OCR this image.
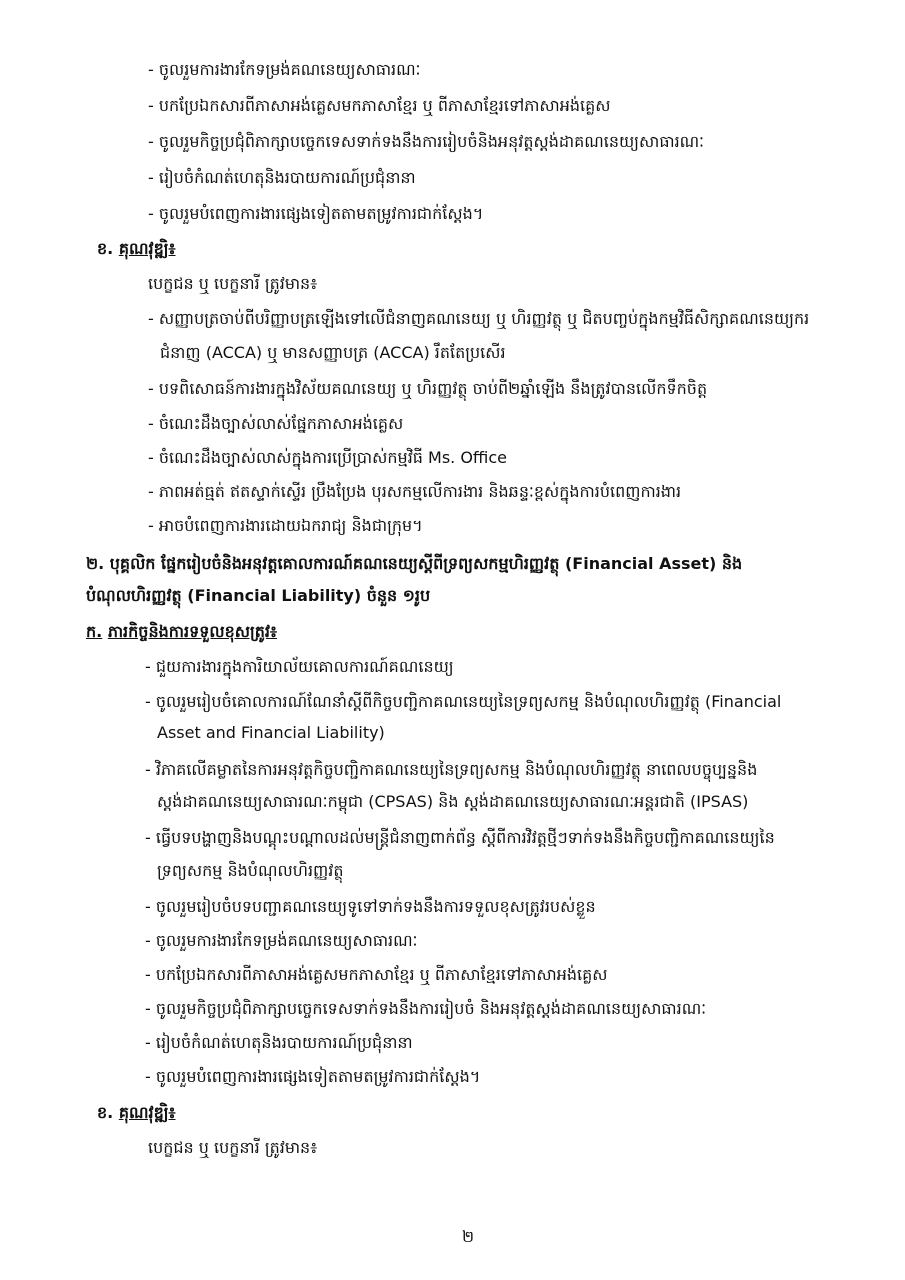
- ចូលរួមការងារកែទម្រង់គណនេយ្យសាធារណៈ
- បកប្រែឯកសារពីភាសាអង់គ្លេសមកភាសាខ្មែរ ឬ ពីភាសាខ្មែរទៅភាសាអង់គ្លេស
- ចូលរួមកិច្ចប្រជុំពិភាក្សាបច្ចេកទេសទាក់ទងនឹងការរៀបចំនិងអនុវត្តស្តង់ដាគណនេយ្យសាធារណៈ
- រៀបចំកំណត់ហេតុនិងរបាយការណ៍ប្រជុំនានា
- ចូលរួមបំពេញការងារផ្សេងទៀតតាមតម្រូវការជាក់ស្តែង។
ខ. គុណវុឌ្ឍិ៖
បេក្ខជន ឬ បេក្ខនារី ត្រូវមាន៖
- សញ្ញាបត្រចាប់ពីបរិញ្ញាបត្រឡើងទៅលើជំនាញគណនេយ្យ ឬ ហិរញ្ញវត្ថុ ឬ ជិតបញ្ចប់ក្នុងកម្មវិធីសិក្សាគណនេយ្យករ
ជំនាញ (ACCA) ឬ មានសញ្ញាបត្រ (ACCA) រឹតតែប្រសើរ
- បទពិសោធន៍ការងារក្នុងវិស័យគណនេយ្យ ឬ ហិរញ្ញវត្ថុ ចាប់ពី២ឆ្នាំឡើង នឹងត្រូវបានលើកទឹកចិត្ត
- ចំណេះដឹងច្បាស់លាស់ផ្នែកភាសាអង់គ្លេស
- ចំណេះដឹងច្បាស់លាស់ក្នុងការប្រើប្រាស់កម្មវិធី Ms. Office
- ភាពអត់ធ្មត់ ឥតស្ទាក់ស្ទើរ ប្រឹងប្រែង បុរសកម្មលើការងារ និងឆន្ទៈខ្ពស់ក្នុងការបំពេញការងារ
- អាចបំពេញការងារដោយឯករាជ្យ និងជាក្រុម។
២. បុគ្គលិក ផ្នែករៀបចំនិងអនុវត្តគោលការណ៍គណនេយ្យស្តីពីទ្រព្យសកម្មហិរញ្ញវត្ថុ (Financial Asset) និង
បំណុលហិរញ្ញវត្ថុ (Financial Liability) ចំនួន ១រូប
ក. ភារកិច្ចនិងការទទួលខុសត្រូវ៖
- ជួយការងារក្នុងការិយាល័យគោលការណ៍គណនេយ្យ
- ចូលរួមរៀបចំគោលការណ៍ណែនាំស្តីពីកិច្ចបញ្ជិកាគណនេយ្យនៃទ្រព្យសកម្ម និងបំណុលហិរញ្ញវត្ថុ (Financial
Asset and Financial Liability)
- វិភាគលើគម្លាតនៃការអនុវត្តកិច្ចបញ្ជិកាគណនេយ្យនៃទ្រព្យសកម្ម និងបំណុលហិរញ្ញវត្ថុ នាពេលបច្ចុប្បន្ននិង
ស្តង់ដាគណនេយ្យសាធារណៈកម្ពុជា (CPSAS) និង ស្តង់ដាគណនេយ្យសាធារណៈអន្តរជាតិ (IPSAS)
- ធ្វើបទបង្ហាញនិងបណ្តុះបណ្តាលដល់មន្ត្រីជំនាញពាក់ព័ន្ធ ស្តីពីការវិវត្តថ្មីៗទាក់ទងនឹងកិច្ចបញ្ជិកាគណនេយ្យនៃ
ទ្រព្យសកម្ម និងបំណុលហិរញ្ញវត្ថុ
- ចូលរួមរៀបចំបទបញ្ជាគណនេយ្យទូទៅទាក់ទងនឹងការទទួលខុសត្រូវរបស់ខ្លួន
- ចូលរួមការងារកែទម្រង់គណនេយ្យសាធារណៈ
- បកប្រែឯកសារពីភាសាអង់គ្លេសមកភាសាខ្មែរ ឬ ពីភាសាខ្មែរទៅភាសាអង់គ្លេស
- ចូលរួមកិច្ចប្រជុំពិភាក្សាបច្ចេកទេសទាក់ទងនឹងការរៀបចំ និងអនុវត្តស្តង់ដាគណនេយ្យសាធារណៈ
- រៀបចំកំណត់ហេតុនិងរបាយការណ៍ប្រជុំនានា
- ចូលរួមបំពេញការងារផ្សេងទៀតតាមតម្រូវការជាក់ស្តែង។
ខ. គុណវុឌ្ឍិ៖
បេក្ខជន ឬ បេក្ខនារី ត្រូវមាន៖
២
